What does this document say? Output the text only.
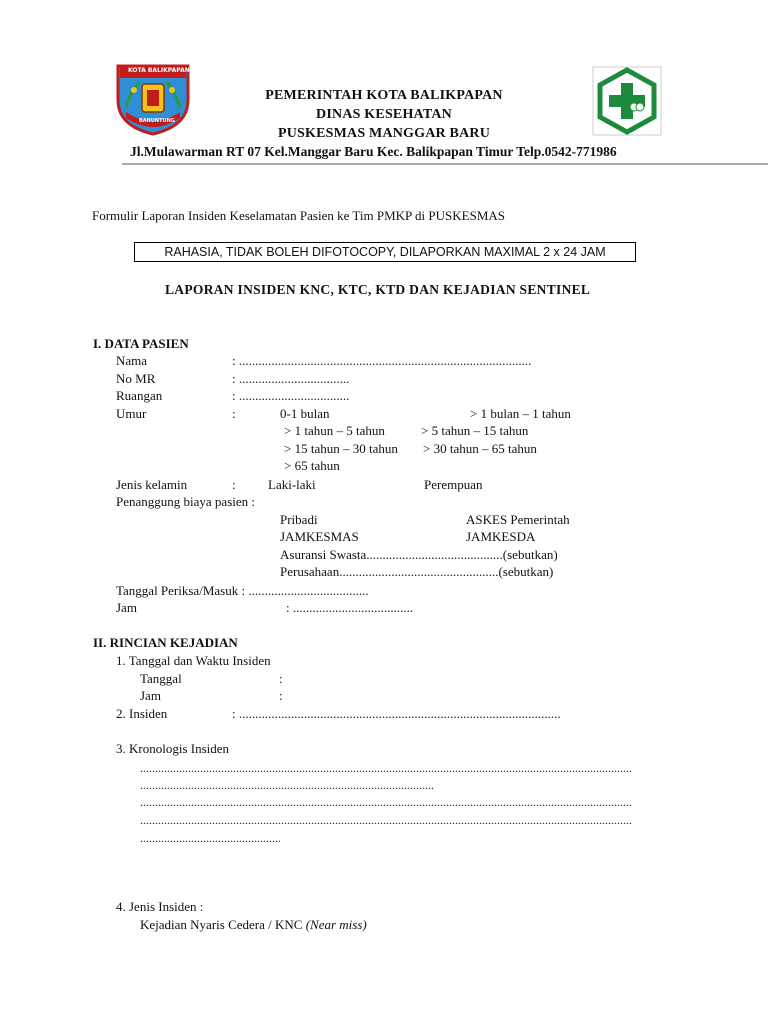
KOTA BALIKPAPAN
BANUNTUNG
PEMERINTAH KOTA BALIKPAPAN
DINAS KESEHATAN
PUSKESMAS MANGGAR BARU
Jl.Mulawarman RT 07 Kel.Manggar Baru Kec. Balikpapan Timur Telp.0542-771986
Formulir Laporan Insiden Keselamatan Pasien ke Tim PMKP di PUSKESMAS
RAHASIA, TIDAK BOLEH DIFOTOCOPY, DILAPORKAN MAXIMAL 2 x 24 JAM
LAPORAN INSIDEN KNC, KTC, KTD DAN KEJADIAN SENTINEL
I. DATA PASIEN
Nama	: ..........................................................................................
No MR	: ..................................
Ruangan	: ..................................
Umur	:	0-1 bulan	> 1 bulan – 1 tahun
> 1 tahun – 5 tahun	> 5 tahun – 15 tahun
> 15 tahun – 30 tahun	> 30 tahun – 65 tahun
> 65 tahun
Jenis kelamin	: Laki-laki	Perempuan
Penanggung biaya pasien :
Pribadi	ASKES Pemerintah
JAMKESMAS	JAMKESDA
Asuransi Swasta..........................................(sebutkan)
Perusahaan.................................................(sebutkan)
Tanggal Periksa/Masuk : .....................................
Jam	: .....................................
II. RINCIAN KEJADIAN
1. Tanggal dan Waktu Insiden
Tanggal	:
Jam	:
2. Insiden	: ...................................................................................................
3. Kronologis Insiden
....................................................................................................................................................................
..................................................................................................
....................................................................................................................................................................
....................................................................................................................................................................
...............................................
4. Jenis Insiden :
Kejadian Nyaris Cedera / KNC (Near miss)
